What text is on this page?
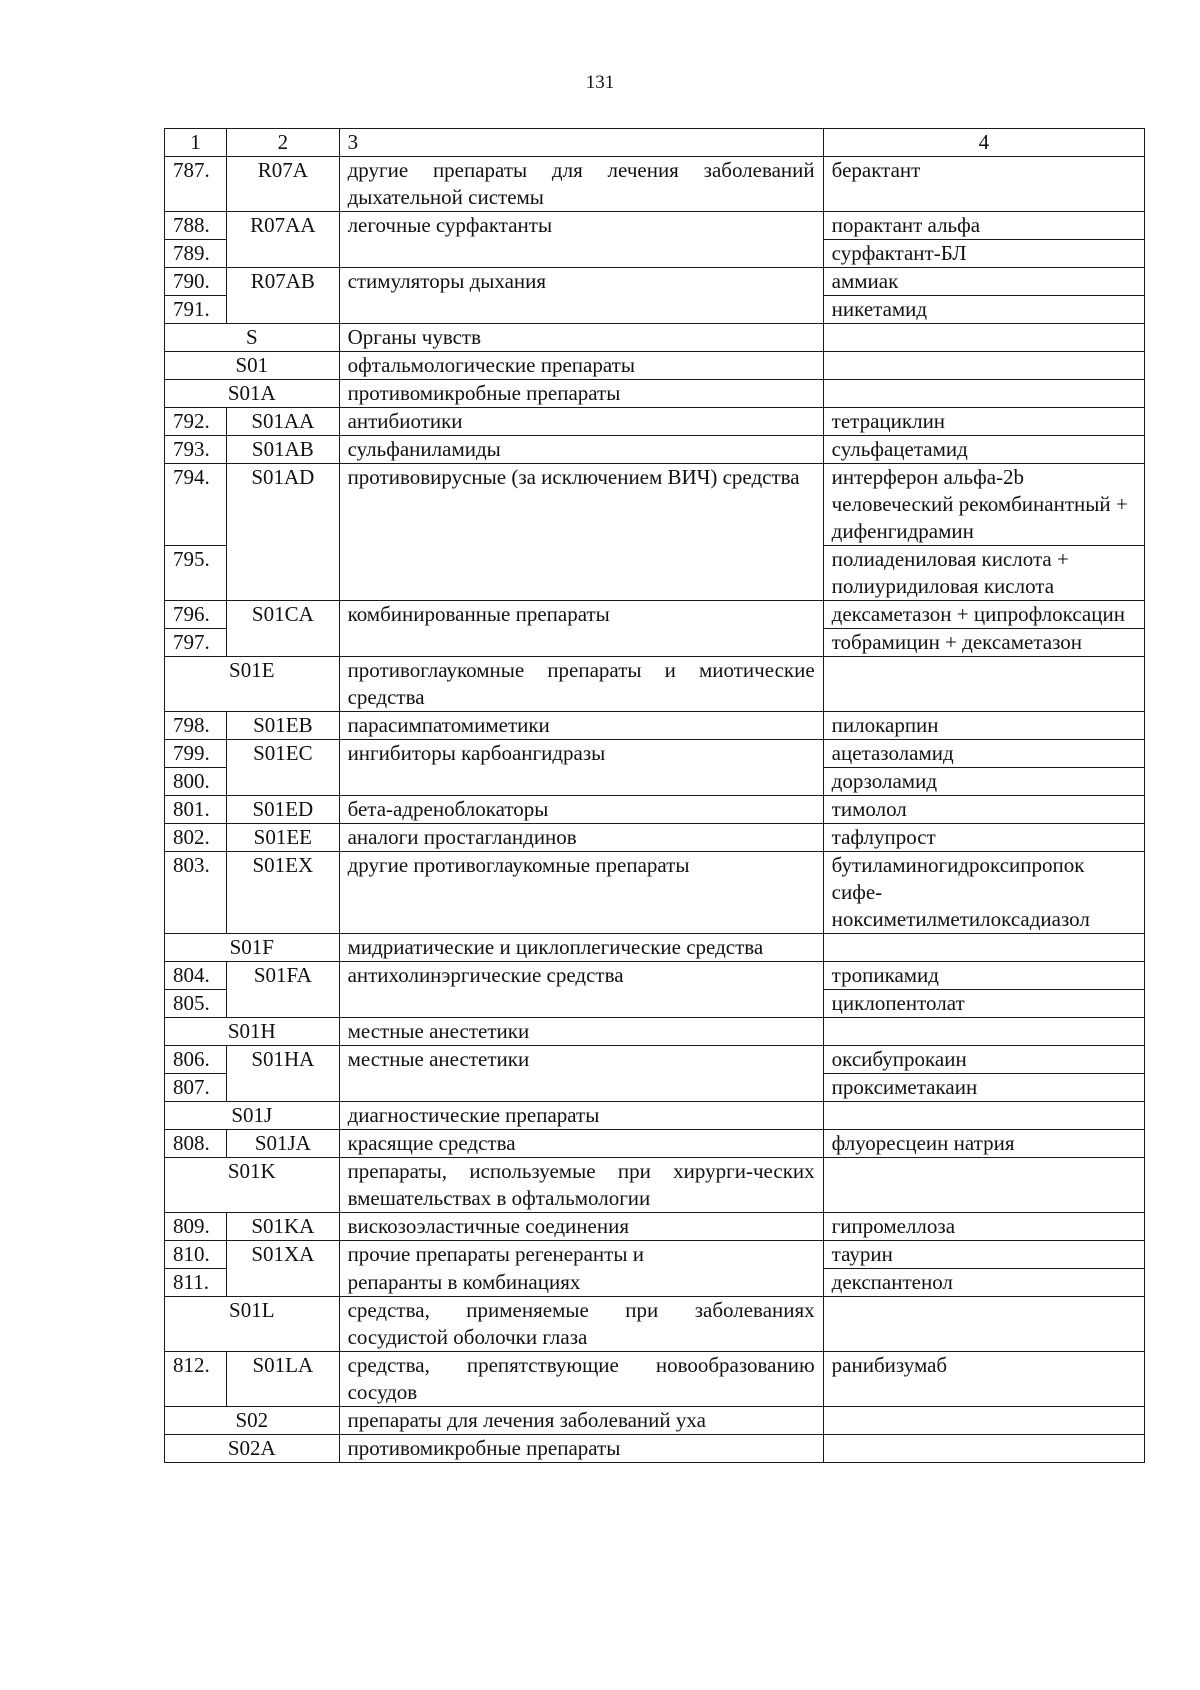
131
1	2	3	4
787.	R07A	другие препараты для лечения заболеваний дыхательной системы	берактант
788.	R07AA	легочные сурфактанты	порактант альфа
789.			сурфактант-БЛ
790.	R07AB	стимуляторы дыхания	аммиак
791.			никетамид
S		Органы чувств	
S01		офтальмологические препараты	
S01A		противомикробные препараты	
792.	S01AA	антибиотики	тетрациклин
793.	S01AB	сульфаниламиды	сульфацетамид
794.	S01AD	противовирусные (за исключением ВИЧ) средства	интерферон альфа-2b человеческий рекомбинантный + дифенгидрамин
795.			полиадениловая кислота + полиуридиловая кислота
796.	S01CA	комбинированные препараты	дексаметазон + ципрофлоксацин
797.			тобрамицин + дексаметазон
S01E		противоглаукомные препараты и миотические средства	
798.	S01EB	парасимпатомиметики	пилокарпин
799.	S01EC	ингибиторы карбоангидразы	ацетазоламид
800.			дорзоламид
801.	S01ED	бета-адреноблокаторы	тимолол
802.	S01EE	аналоги простагландинов	тафлупрост
803.	S01EX	другие противоглаукомные препараты	бутиламиногидроксипропок сифе-ноксиметилметилоксадиазол
S01F		мидриатические и циклоплегические средства	
804.	S01FA	антихолинэргические средства	тропикамид
805.			циклопентолат
S01H		местные анестетики	
806.	S01HA	местные анестетики	оксибупрокаин
807.			проксиметакаин
S01J		диагностические препараты	
808.	S01JA	красящие средства	флуоресцеин натрия
S01K		препараты, используемые при хирурги-ческих вмешательствах в офтальмологии	
809.	S01KA	вискозоэластичные соединения	гипромеллоза
810.	S01XA	прочие препараты регенеранты и	таурин
811.		репаранты в комбинациях	декспантенол
S01L		средства, применяемые при заболеваниях сосудистой оболочки глаза	
812.	S01LA	средства, препятствующие новообразованию сосудов	ранибизумаб
S02		препараты для лечения заболеваний уха	
S02A		противомикробные препараты	
